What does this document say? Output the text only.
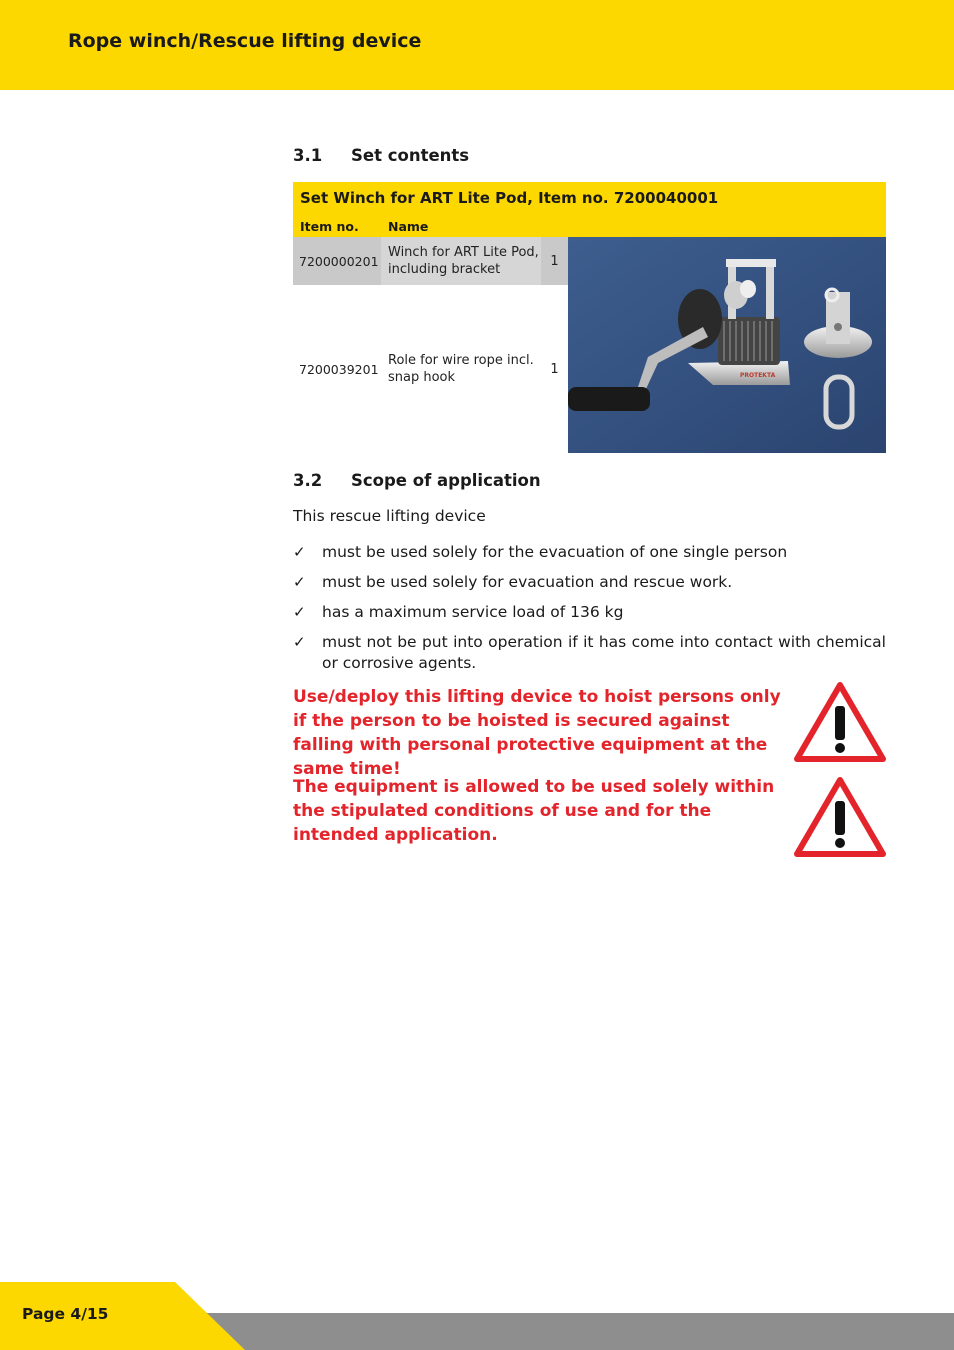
Rope winch/Rescue lifting device
3.1 Set contents
Set Winch for ART Lite Pod, Item no. 7200040001
Item no. Name
7200000201
Winch for ART Lite Pod, including bracket
1
7200039201
Role for wire rope incl. snap hook
1	PROTEKTA
3.2 Scope of application
This rescue lifting device
✓ must be used solely for the evacuation of one single person
✓ must be used solely for evacuation and rescue work.
✓ has a maximum service load of 136 kg
✓ must not be put into operation if it has come into contact with chemical or corrosive agents.
Use/deploy this lifting device to hoist persons only if the person to be hoisted is secured against falling with personal protective equipment at the same time!
The equipment is allowed to be used solely within the stipulated conditions of use and for the intended application.
Page 4/15
